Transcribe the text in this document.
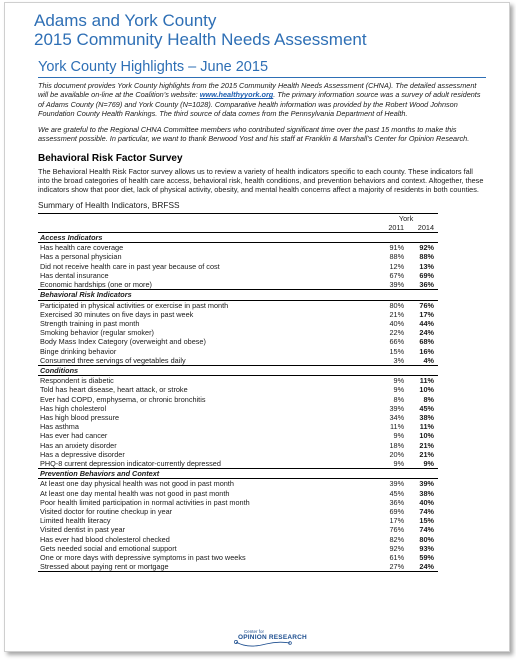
Adams and York County
2015 Community Health Needs Assessment
York County Highlights – June 2015
This document provides York County highlights from the 2015 Community Health Needs Assessment (CHNA). The detailed assessment will be available on-line at the Coalition’s website: www.healthyyork.org. The primary information source was a survey of adult residents of Adams County (N=769) and York County (N=1028). Comparative health information was provided by the Robert Wood Johnson Foundation County Health Rankings. The third source of data comes from the Pennsylvania Department of Health.
We are grateful to the Regional CHNA Committee members who contributed significant time over the past 15 months to make this assessment possible. In particular, we want to thank Berwood Yost and his staff at Franklin & Marshall’s Center for Opinion Research.
Behavioral Risk Factor Survey
The Behavioral Health Risk Factor survey allows us to review a variety of health indicators specific to each county. These indicators fall into the broad categories of health care access, behavioral risk, health conditions, and prevention behaviors and context. Altogether, these indicators show that poor diet, lack of physical activity, obesity, and mental health concerns affect a majority of residents in both counties.
Summary of Health Indicators, BRFSS
	York	
	2011	2014
Access Indicators		
Has health care coverage	91%	92%
Has a personal physician	88%	88%
Did not receive health care in past year because of cost	12%	13%
Has dental insurance	67%	69%
Economic hardships (one or more)	39%	36%
Behavioral Risk Indicators		
Participated in physical activities or exercise in past month	80%	76%
Exercised 30 minutes on five days in past week	21%	17%
Strength training in past month	40%	44%
Smoking behavior (regular smoker)	22%	24%
Body Mass Index Category (overweight and obese)	66%	68%
Binge drinking behavior	15%	16%
Consumed three servings of vegetables daily	3%	4%
Conditions		
Respondent is diabetic	9%	11%
Told has heart disease, heart attack, or stroke	9%	10%
Ever had COPD, emphysema, or chronic bronchitis	8%	8%
Has high cholesterol	39%	45%
Has high blood pressure	34%	38%
Has asthma	11%	11%
Has ever had cancer	9%	10%
Has an anxiety disorder	18%	21%
Has a depressive disorder	20%	21%
PHQ-8 current depression indicator-currently depressed	9%	9%
Prevention Behaviors and Context		
At least one day physical health was not good in past month	39%	39%
At least one day mental health was not good in past month	45%	38%
Poor health limited participation in normal activities in past month	36%	40%
Visited doctor for routine checkup in year	69%	74%
Limited health literacy	17%	15%
Visited dentist in past year	76%	74%
Has ever had blood cholesterol checked	82%	80%
Gets needed social and emotional support	92%	93%
One or more days with depressive symptoms in past two weeks	61%	59%
Stressed about paying rent or mortgage	27%	24%
Center for
OPINION RESEARCH
